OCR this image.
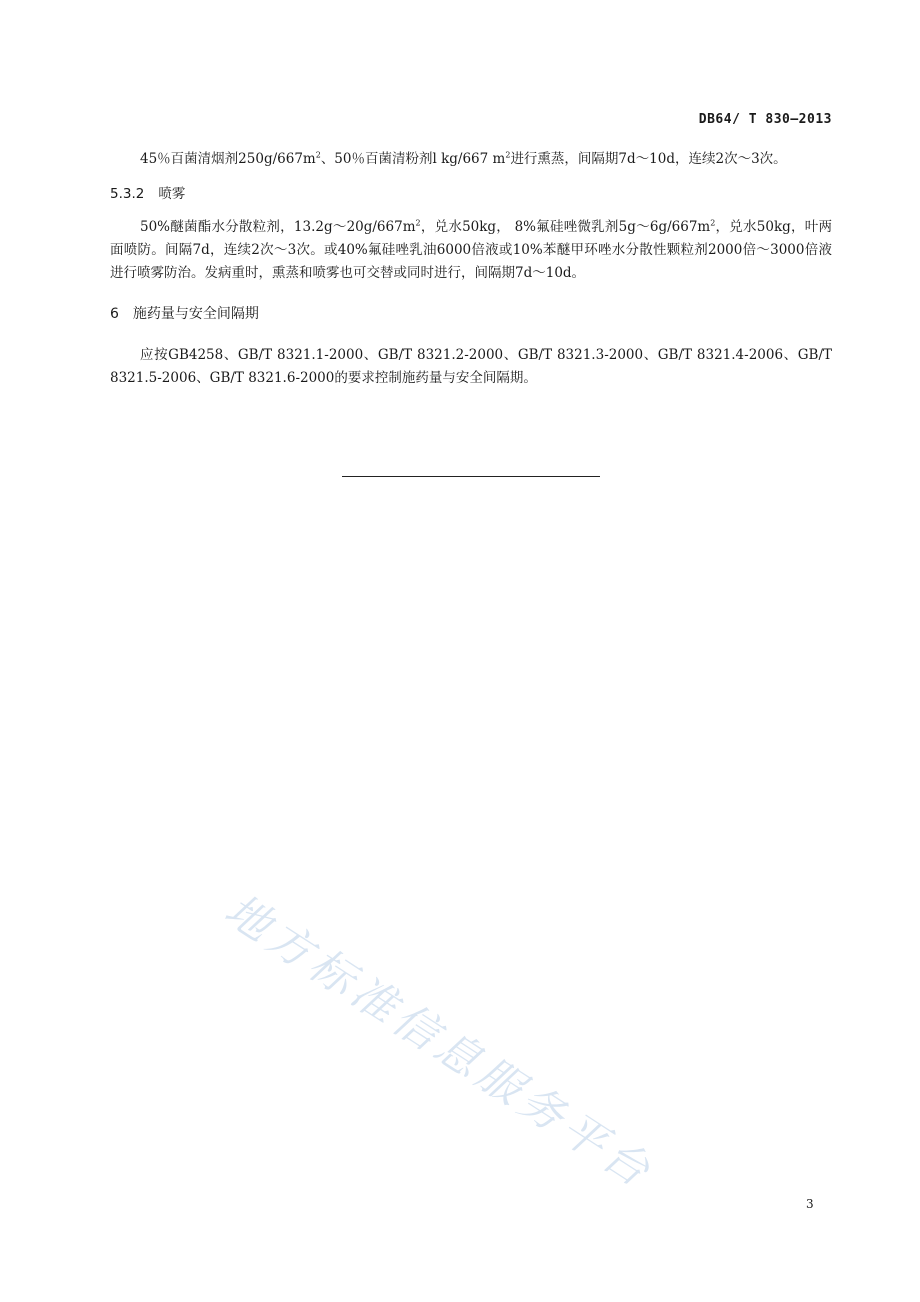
DB64/ T 830—2013

45％百菌清烟剂$250g/667m^2$、50％百菌清粉剂l kg/667 $m^2$进行熏蒸，间隔期7d～10d，连续2次～3次。

5.3.2 喷雾

50%醚菌酯水分散粒剂，$13.2g\sim 20g/667m^2$，兑水50kg， 8%氟硅唑微乳剂$5g\sim 6g/667m^2$，兑水50kg，叶两面喷防。间隔7d，连续2次～3次。或40%氟硅唑乳油6000倍液或10%苯醚甲环唑水分散性颗粒剂2000倍～3000倍液进行喷雾防治。发病重时，熏蒸和喷雾也可交替或同时进行，间隔期7d～10d。

6 施药量与安全间隔期

应按GB4258、GB/T 8321.1-2000、GB/T 8321.2-2000、GB/T 8321.3-2000、GB/T 8321.4-2006、GB/T 8321.5-2006、GB/T 8321.6-2000的要求控制施药量与安全间隔期。

地方标准信息服务平台
3
